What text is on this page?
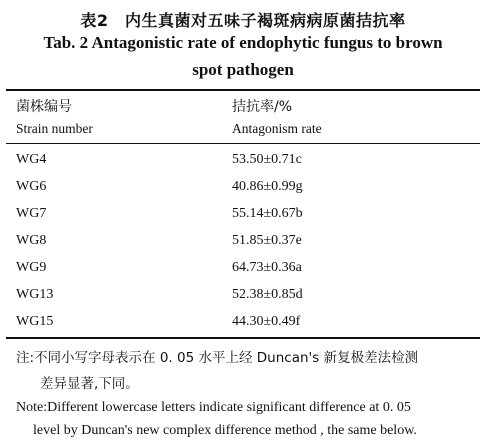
表2　内生真菌对五味子褐斑病病原菌拮抗率
Tab. 2 Antagonistic rate of endophytic fungus to brown
spot pathogen
菌株编号	拮抗率/%
Strain number	Antagonism rate
WG4	53.50±0.71c
WG6	40.86±0.99g
WG7	55.14±0.67b
WG8	51.85±0.37e
WG9	64.73±0.36a
WG13	52.38±0.85d
WG15	44.30±0.49f
注:不同小写字母表示在 0. 05 水平上经 Duncan's 新复极差法检测
差异显著,下同。
Note:Different lowercase letters indicate significant difference at 0. 05
level by Duncan's new complex difference method , the same below.
